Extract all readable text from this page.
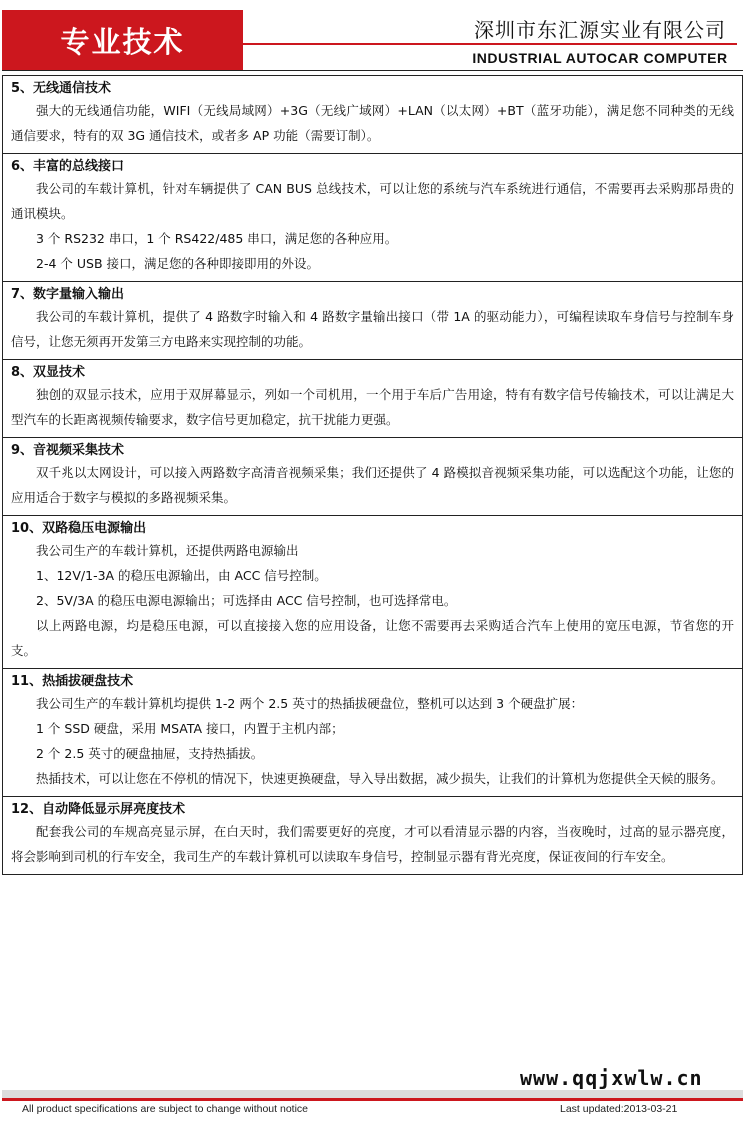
专业技术	深圳市东汇源实业有限公司
INDUSTRIAL AUTOCAR COMPUTER
5、无线通信技术
强大的无线通信功能，WIFI（无线局域网）+3G（无线广域网）+LAN（以太网）+BT（蓝牙功能），满足您不同种类的无线通信要求，特有的双 3G 通信技术，或者多 AP 功能（需要订制）。
6、丰富的总线接口
我公司的车载计算机，针对车辆提供了 CAN BUS 总线技术，可以让您的系统与汽车系统进行通信，不需要再去采购那昂贵的通讯模块。
3 个 RS232 串口，1 个 RS422/485 串口，满足您的各种应用。
2-4 个 USB 接口，满足您的各种即接即用的外设。
7、数字量输入输出
我公司的车载计算机，提供了 4 路数字时输入和 4 路数字量输出接口（带 1A 的驱动能力），可编程读取车身信号与控制车身信号，让您无须再开发第三方电路来实现控制的功能。
8、双显技术
独创的双显示技术，应用于双屏幕显示，列如一个司机用，一个用于车后广告用途，特有有数字信号传输技术，可以让满足大型汽车的长距离视频传输要求，数字信号更加稳定，抗干扰能力更强。
9、音视频采集技术
双千兆以太网设计，可以接入两路数字高清音视频采集；我们还提供了 4 路模拟音视频采集功能，可以选配这个功能，让您的应用适合于数字与模拟的多路视频采集。
10、双路稳压电源输出
我公司生产的车载计算机，还提供两路电源输出
1、12V/1-3A 的稳压电源输出，由 ACC 信号控制。
2、5V/3A 的稳压电源电源输出；可选择由 ACC 信号控制，也可选择常电。
以上两路电源，均是稳压电源，可以直接接入您的应用设备，让您不需要再去采购适合汽车上使用的宽压电源，节省您的开支。
11、热插拔硬盘技术
我公司生产的车载计算机均提供 1-2 两个 2.5 英寸的热插拔硬盘位，整机可以达到 3 个硬盘扩展：
1 个 SSD 硬盘，采用 MSATA 接口，内置于主机内部；
2 个 2.5 英寸的硬盘抽屉，支持热插拔。
热插技术，可以让您在不停机的情况下，快速更换硬盘，导入导出数据，减少损失，让我们的计算机为您提供全天候的服务。
12、自动降低显示屏亮度技术
配套我公司的车规高亮显示屏，在白天时，我们需要更好的亮度，才可以看清显示器的内容，当夜晚时，过高的显示器亮度，将会影响到司机的行车安全，我司生产的车载计算机可以读取车身信号，控制显示器有背光亮度，保证夜间的行车安全。
www.qqjxwlw.cn
All product specifications are subject to change without notice	Last updated:2013-03-21
